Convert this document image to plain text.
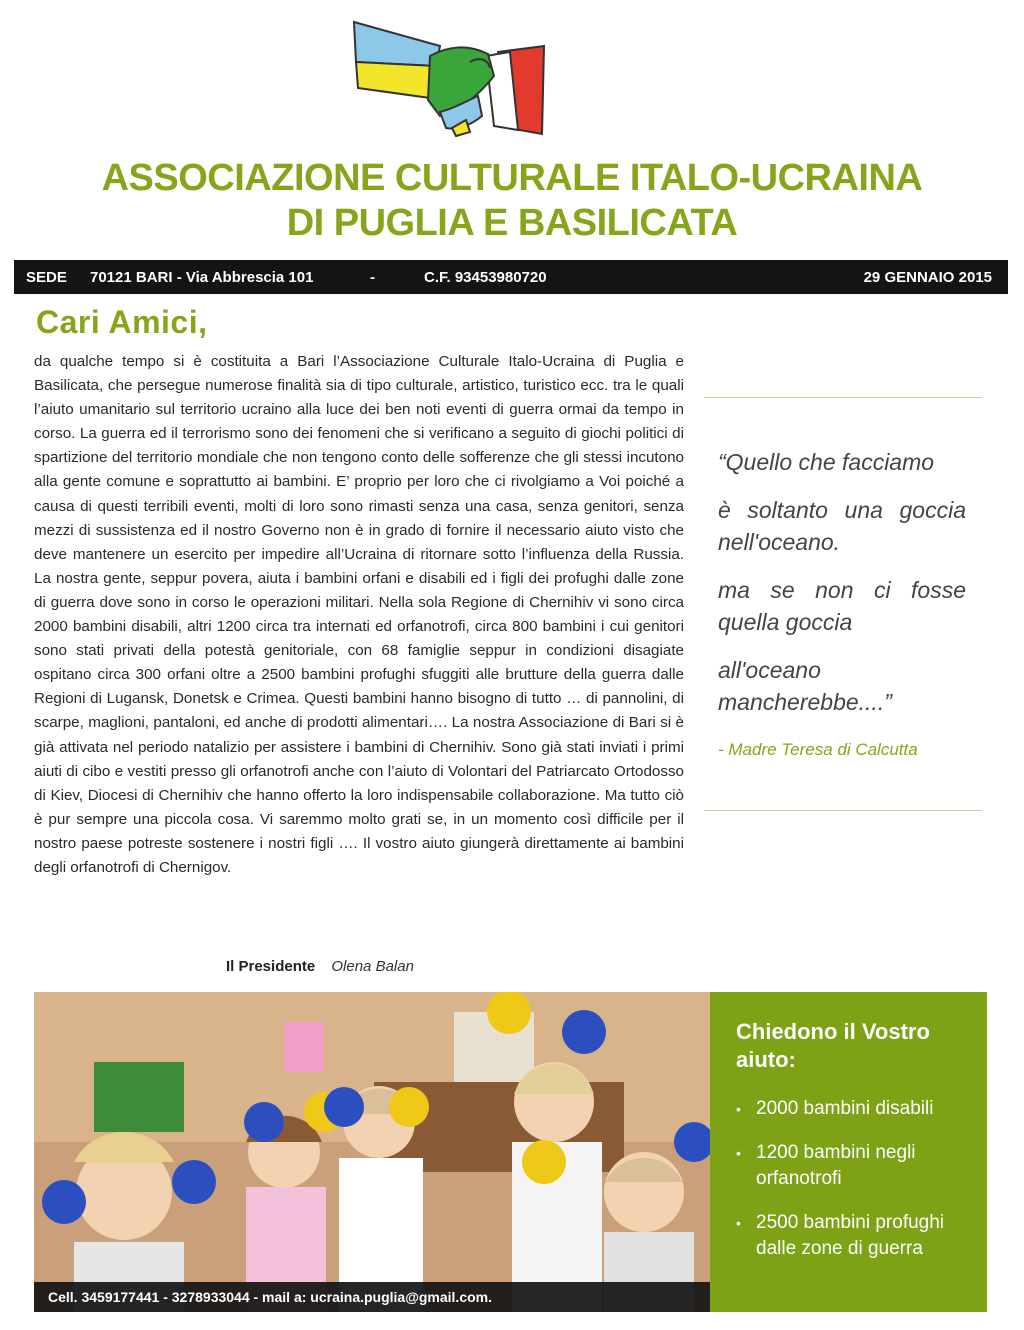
ASSOCIAZIONE CULTURALE ITALO-UCRAINA
DI PUGLIA E BASILICATA
SEDE 70121 BARI - Via Abbrescia 101	-	C.F. 93453980720	29 GENNAIO 2015
Cari Amici,
da qualche tempo si è costituita a Bari l’Associazione Culturale Italo-Ucraina di Puglia e Basilicata, che persegue numerose finalità sia di tipo culturale, artistico, turistico ecc. tra le quali l’aiuto umanitario sul territorio ucraino alla luce dei ben noti eventi di guerra ormai da tempo in corso. La guerra ed il terrorismo sono dei fenomeni che si verificano a seguito di giochi politici di spartizione del territorio mondiale che non tengono conto delle sofferenze che gli stessi incutono alla gente comune e soprattutto ai bambini. E’ proprio per loro che ci rivolgiamo a Voi poiché a causa di questi terribili eventi, molti di loro sono rimasti senza una casa, senza genitori, senza mezzi di sussistenza ed il nostro Governo non è in grado di fornire il necessario aiuto visto che deve mantenere un esercito per impedire all’Ucraina di ritornare sotto l’influenza della Russia. La nostra gente, seppur povera, aiuta i bambini orfani e disabili ed i figli dei profughi dalle zone di guerra dove sono in corso le operazioni militari. Nella sola Regione di Chernihiv vi sono circa 2000 bambini disabili, altri 1200 circa tra internati ed orfanotrofi, circa 800 bambini i cui genitori sono stati privati della potestà genitoriale, con 68 famiglie seppur in condizioni disagiate ospitano circa 300 orfani oltre a 2500 bambini profughi sfuggiti alle brutture della guerra dalle Regioni di Lugansk, Donetsk e Crimea. Questi bambini hanno bisogno di tutto … di pannolini, di scarpe, maglioni, pantaloni, ed anche di prodotti alimentari…. La nostra Associazione di Bari si è già attivata nel periodo natalizio per assistere i bambini di Chernihiv. Sono già stati inviati i primi aiuti di cibo e vestiti presso gli orfanotrofi anche con l’aiuto di Volontari del Patriarcato Ortodosso di Kiev, Diocesi di Chernihiv che hanno offerto la loro indispensabile collaborazione. Ma tutto ciò è pur sempre una piccola cosa. Vi saremmo molto grati se, in un momento così difficile per il nostro paese potreste sostenere i nostri figli …. Il vostro aiuto giungerà direttamente ai bambini degli orfanotrofi di Chernigov.

“Quello che facciamo

è soltanto una goccia nell'oceano.

ma se non ci fosse quella goccia

all'oceano mancherebbe....”

- Madre Teresa di Calcutta
Il Presidente Olena Balan
Cell. 3459177441 - 3278933044 - mail a: ucraina.puglia@gmail.com.
Chiedono il Vostro aiuto:
• 2000 bambini disabili
• 1200 bambini negli orfanotrofi
• 2500 bambini profughi dalle zone di guerra
